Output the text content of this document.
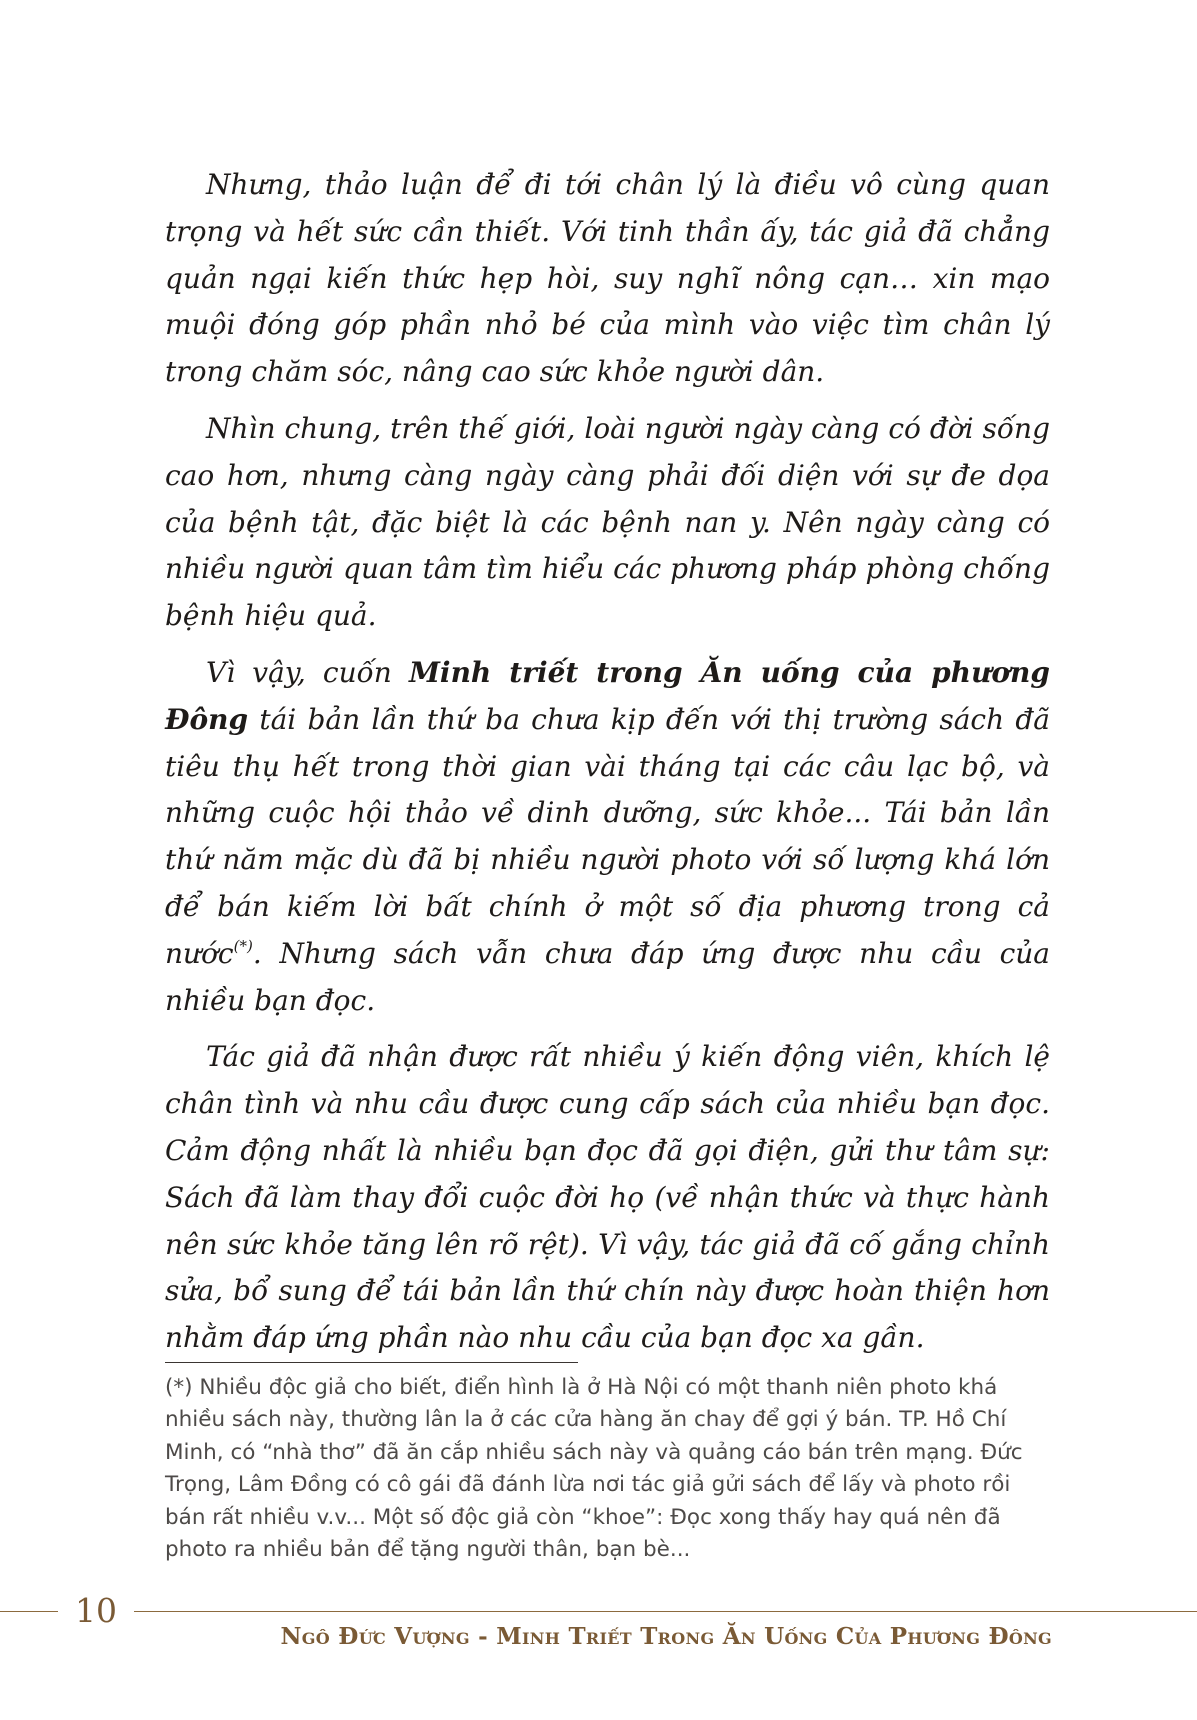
Nhưng, thảo luận để đi tới chân lý là điều vô cùng quan trọng và hết sức cần thiết. Với tinh thần ấy, tác giả đã chẳng quản ngại kiến thức hẹp hòi, suy nghĩ nông cạn… xin mạo muội đóng góp phần nhỏ bé của mình vào việc tìm chân lý trong chăm sóc, nâng cao sức khỏe người dân.

Nhìn chung, trên thế giới, loài người ngày càng có đời sống cao hơn, nhưng càng ngày càng phải đối diện với sự đe dọa của bệnh tật, đặc biệt là các bệnh nan y. Nên ngày càng có nhiều người quan tâm tìm hiểu các phương pháp phòng chống bệnh hiệu quả.

Vì vậy, cuốn Minh triết trong Ăn uống của phương Đông tái bản lần thứ ba chưa kịp đến với thị trường sách đã tiêu thụ hết trong thời gian vài tháng tại các câu lạc bộ, và những cuộc hội thảo về dinh dưỡng, sức khỏe... Tái bản lần thứ năm mặc dù đã bị nhiều người photo với số lượng khá lớn để bán kiếm lời bất chính ở một số địa phương trong cả nước(*). Nhưng sách vẫn chưa đáp ứng được nhu cầu của nhiều bạn đọc.

Tác giả đã nhận được rất nhiều ý kiến động viên, khích lệ chân tình và nhu cầu được cung cấp sách của nhiều bạn đọc. Cảm động nhất là nhiều bạn đọc đã gọi điện, gửi thư tâm sự: Sách đã làm thay đổi cuộc đời họ (về nhận thức và thực hành nên sức khỏe tăng lên rõ rệt). Vì vậy, tác giả đã cố gắng chỉnh sửa, bổ sung để tái bản lần thứ chín này được hoàn thiện hơn nhằm đáp ứng phần nào nhu cầu của bạn đọc xa gần.

(*) Nhiều độc giả cho biết, điển hình là ở Hà Nội có một thanh niên photo khá nhiều sách này, thường lân la ở các cửa hàng ăn chay để gợi ý bán. TP. Hồ Chí Minh, có “nhà thơ” đã ăn cắp nhiều sách này và quảng cáo bán trên mạng. Đức Trọng, Lâm Đồng có cô gái đã đánh lừa nơi tác giả gửi sách để lấy và photo rồi bán rất nhiều v.v... Một số độc giả còn “khoe”: Đọc xong thấy hay quá nên đã photo ra nhiều bản để tặng người thân, bạn bè...

10
Ngô Đức Vượng - Minh Triết Trong Ăn Uống Của Phương Đông
